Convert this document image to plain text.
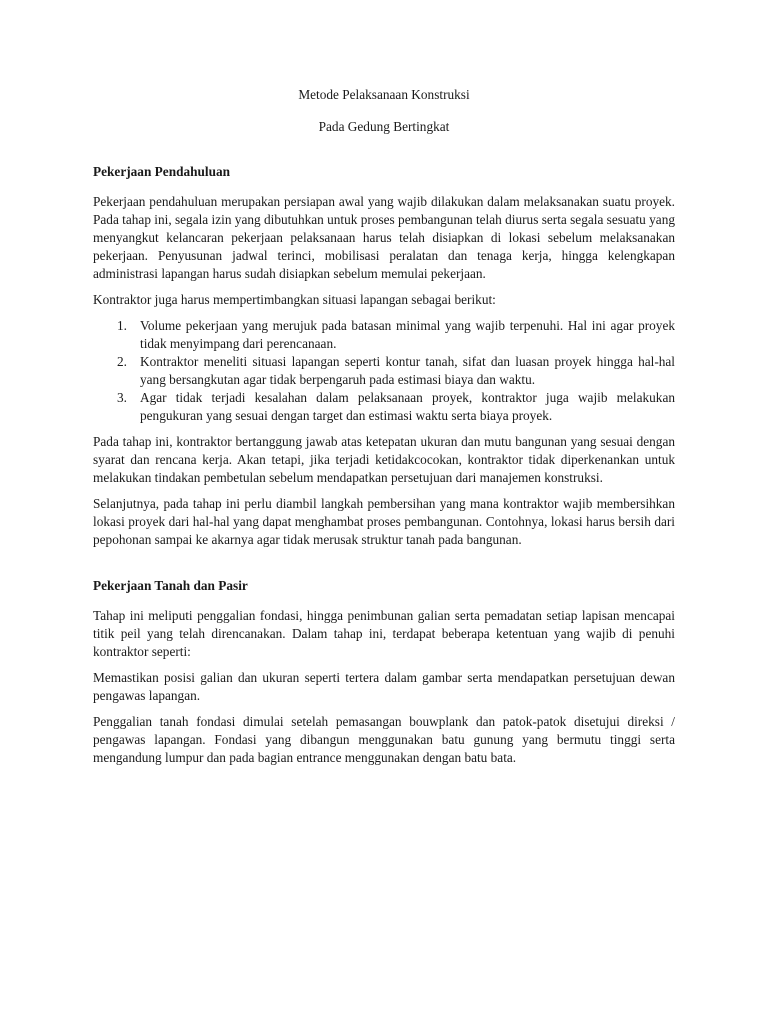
Metode Pelaksanaan Konstruksi

Pada Gedung Bertingkat

Pekerjaan Pendahuluan

Pekerjaan pendahuluan merupakan persiapan awal yang wajib dilakukan dalam melaksanakan suatu proyek. Pada tahap ini, segala izin yang dibutuhkan untuk proses pembangunan telah diurus serta segala sesuatu yang menyangkut kelancaran pekerjaan pelaksanaan harus telah disiapkan di lokasi sebelum melaksanakan pekerjaan. Penyusunan jadwal terinci, mobilisasi peralatan dan tenaga kerja, hingga kelengkapan administrasi lapangan harus sudah disiapkan sebelum memulai pekerjaan.

Kontraktor juga harus mempertimbangkan situasi lapangan sebagai berikut:

1. Volume pekerjaan yang merujuk pada batasan minimal yang wajib terpenuhi. Hal ini agar proyek tidak menyimpang dari perencanaan.
2. Kontraktor meneliti situasi lapangan seperti kontur tanah, sifat dan luasan proyek hingga hal-hal yang bersangkutan agar tidak berpengaruh pada estimasi biaya dan waktu.
3. Agar tidak terjadi kesalahan dalam pelaksanaan proyek, kontraktor juga wajib melakukan pengukuran yang sesuai dengan target dan estimasi waktu serta biaya proyek.

Pada tahap ini, kontraktor bertanggung jawab atas ketepatan ukuran dan mutu bangunan yang sesuai dengan syarat dan rencana kerja. Akan tetapi, jika terjadi ketidakcocokan, kontraktor tidak diperkenankan untuk melakukan tindakan pembetulan sebelum mendapatkan persetujuan dari manajemen konstruksi.

Selanjutnya, pada tahap ini perlu diambil langkah pembersihan yang mana kontraktor wajib membersihkan lokasi proyek dari hal-hal yang dapat menghambat proses pembangunan. Contohnya, lokasi harus bersih dari pepohonan sampai ke akarnya agar tidak merusak struktur tanah pada bangunan.

Pekerjaan Tanah dan Pasir

Tahap ini meliputi penggalian fondasi, hingga penimbunan galian serta pemadatan setiap lapisan mencapai titik peil yang telah direncanakan. Dalam tahap ini, terdapat beberapa ketentuan yang wajib di penuhi kontraktor seperti:

Memastikan posisi galian dan ukuran seperti tertera dalam gambar serta mendapatkan persetujuan dewan pengawas lapangan.

Penggalian tanah fondasi dimulai setelah pemasangan bouwplank dan patok-patok disetujui direksi / pengawas lapangan. Fondasi yang dibangun menggunakan batu gunung yang bermutu tinggi serta mengandung lumpur dan pada bagian entrance menggunakan dengan batu bata.
